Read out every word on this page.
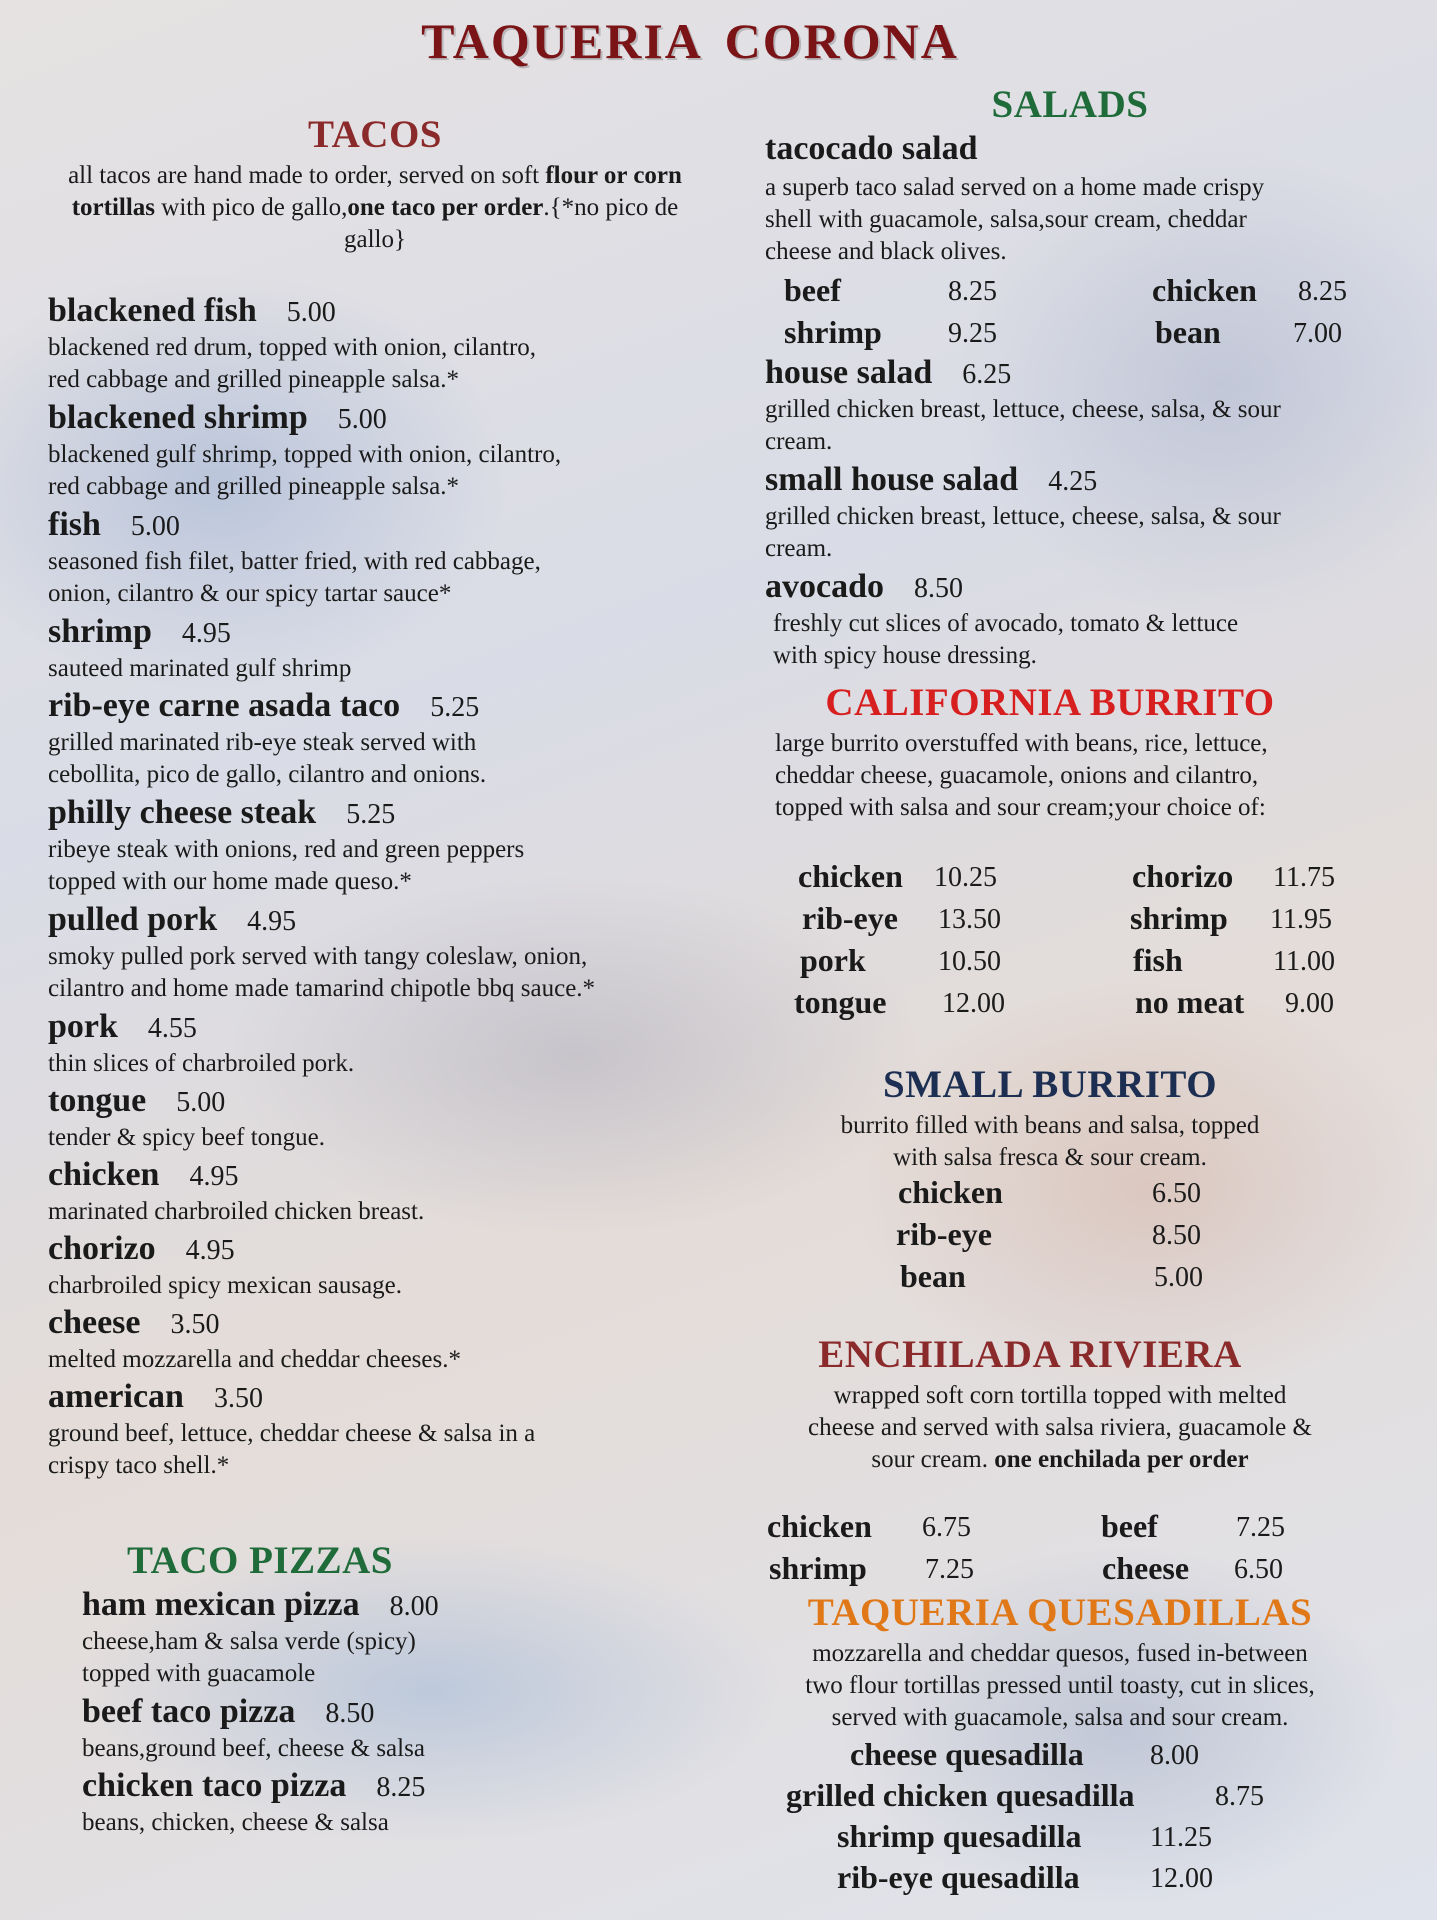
TAQUERIA CORONA
TACOS
all tacos are hand made to order, served on soft flour or corn tortillas with pico de gallo,one taco per order.{*no pico de gallo}
blackened fish 5.00
blackened red drum, topped with onion, cilantro,
red cabbage and grilled pineapple salsa.*
blackened shrimp 5.00
blackened gulf shrimp, topped with onion, cilantro,
red cabbage and grilled pineapple salsa.*
fish 5.00
seasoned fish filet, batter fried, with red cabbage,
onion, cilantro & our spicy tartar sauce*
shrimp 4.95
sauteed marinated gulf shrimp
rib-eye carne asada taco 5.25
grilled marinated rib-eye steak served with
cebollita, pico de gallo, cilantro and onions.
philly cheese steak 5.25
ribeye steak with onions, red and green peppers
topped with our home made queso.*
pulled pork 4.95
smoky pulled pork served with tangy coleslaw, onion,
cilantro and home made tamarind chipotle bbq sauce.*
pork 4.55
thin slices of charbroiled pork.
tongue 5.00
tender & spicy beef tongue.
chicken 4.95
marinated charbroiled chicken breast.
chorizo 4.95
charbroiled spicy mexican sausage.
cheese 3.50
melted mozzarella and cheddar cheeses.*
american 3.50
ground beef, lettuce, cheddar cheese & salsa in a
crispy taco shell.*
TACO PIZZAS
ham mexican pizza 8.00
cheese,ham & salsa verde (spicy)
topped with guacamole
beef taco pizza 8.50
beans,ground beef, cheese & salsa
chicken taco pizza 8.25
beans, chicken, cheese & salsa
SALADS
tacocado salad
a superb taco salad served on a home made crispy
shell with guacamole, salsa,sour cream, cheddar
cheese and black olives.
beef	8.25	chicken 8.25
shrimp 9.25	bean	7.00
house salad 6.25
grilled chicken breast, lettuce, cheese, salsa, & sour
cream.
small house salad 4.25
grilled chicken breast, lettuce, cheese, salsa, & sour
cream.
avocado 8.50
freshly cut slices of avocado, tomato & lettuce
with spicy house dressing.
CALIFORNIA BURRITO
large burrito overstuffed with beans, rice, lettuce,
cheddar cheese, guacamole, onions and cilantro,
topped with salsa and sour cream;your choice of:
chicken 10.25	chorizo 11.75
rib-eye 13.50	shrimp 11.95
pork	10.50	fish	11.00
tongue 12.00	no meat 9.00
SMALL BURRITO
burrito filled with beans and salsa, topped
with salsa fresca & sour cream.
chicken	6.50
rib-eye	8.50
bean	5.00
ENCHILADA RIVIERA
wrapped soft corn tortilla topped with melted
cheese and served with salsa riviera, guacamole &
sour cream. one enchilada per order
chicken 6.75	beef	7.25
shrimp 7.25	cheese 6.50
TAQUERIA QUESADILLAS
mozzarella and cheddar quesos, fused in-between
two flour tortillas pressed until toasty, cut in slices,
served with guacamole, salsa and sour cream.
cheese quesadilla 8.00
grilled chicken quesadilla	8.75
shrimp quesadilla 11.25
rib-eye quesadilla	12.00
